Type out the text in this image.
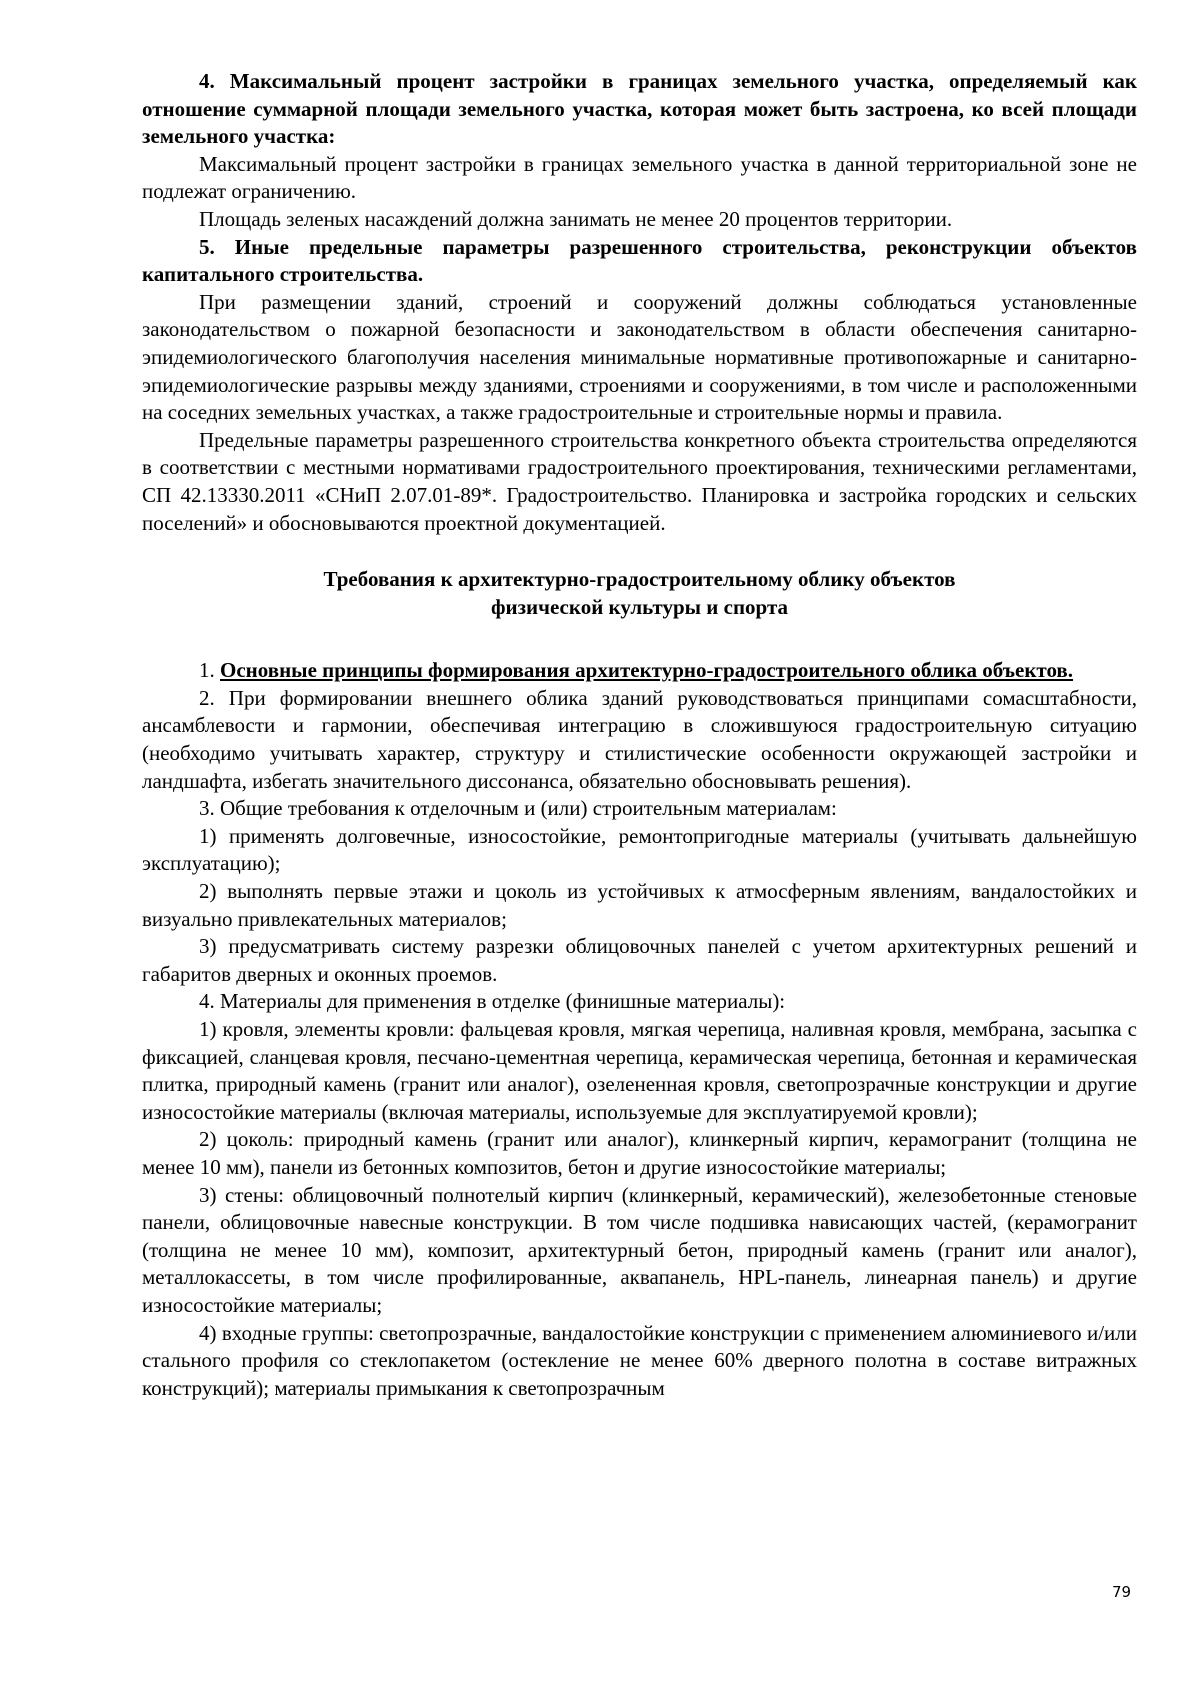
4. Максимальный процент застройки в границах земельного участка, определяемый как отношение суммарной площади земельного участка, которая может быть застроена, ко всей площади земельного участка:

Максимальный процент застройки в границах земельного участка в данной территориальной зоне не подлежат ограничению.

Площадь зеленых насаждений должна занимать не менее 20 процентов территории.

5. Иные предельные параметры разрешенного строительства, реконструкции объектов капитального строительства.

При размещении зданий, строений и сооружений должны соблюдаться установленные законодательством о пожарной безопасности и законодательством в области обеспечения санитарно-эпидемиологического благополучия населения минимальные нормативные противопожарные и санитарно-эпидемиологические разрывы между зданиями, строениями и сооружениями, в том числе и расположенными на соседних земельных участках, а также градостроительные и строительные нормы и правила.

Предельные параметры разрешенного строительства конкретного объекта строительства определяются в соответствии с местными нормативами градостроительного проектирования, техническими регламентами, СП 42.13330.2011 «СНиП 2.07.01-89*. Градостроительство. Планировка и застройка городских и сельских поселений» и обосновываются проектной документацией.

Требования к архитектурно-градостроительному облику объектов

физической культуры и спорта

1. Основные принципы формирования архитектурно-градостроительного облика объектов.

2. При формировании внешнего облика зданий руководствоваться принципами сомасштабности, ансамблевости и гармонии, обеспечивая интеграцию в сложившуюся градостроительную ситуацию (необходимо учитывать характер, структуру и стилистические особенности окружающей застройки и ландшафта, избегать значительного диссонанса, обязательно обосновывать решения).

3. Общие требования к отделочным и (или) строительным материалам:

1) применять долговечные, износостойкие, ремонтопригодные материалы (учитывать дальнейшую эксплуатацию);

2) выполнять первые этажи и цоколь из устойчивых к атмосферным явлениям, вандалостойких и визуально привлекательных материалов;

3) предусматривать систему разрезки облицовочных панелей с учетом архитектурных решений и габаритов дверных и оконных проемов.

4. Материалы для применения в отделке (финишные материалы):

1) кровля, элементы кровли: фальцевая кровля, мягкая черепица, наливная кровля, мембрана, засыпка с фиксацией, сланцевая кровля, песчано-цементная черепица, керамическая черепица, бетонная и керамическая плитка, природный камень (гранит или аналог), озелененная кровля, светопрозрачные конструкции и другие износостойкие материалы (включая материалы, используемые для эксплуатируемой кровли);

2) цоколь: природный камень (гранит или аналог), клинкерный кирпич, керамогранит (толщина не менее 10 мм), панели из бетонных композитов, бетон и другие износостойкие материалы;

3) стены: облицовочный полнотелый кирпич (клинкерный, керамический), железобетонные стеновые панели, облицовочные навесные конструкции. В том числе подшивка нависающих частей, (керамогранит (толщина не менее 10 мм), композит, архитектурный бетон, природный камень (гранит или аналог), металлокассеты, в том числе профилированные, аквапанель, HPL-панель, линеарная панель) и другие износостойкие материалы;

4) входные группы: светопрозрачные, вандалостойкие конструкции с применением алюминиевого и/или стального профиля со стеклопакетом (остекление не менее 60% дверного полотна в составе витражных конструкций); материалы примыкания к светопрозрачным

79
